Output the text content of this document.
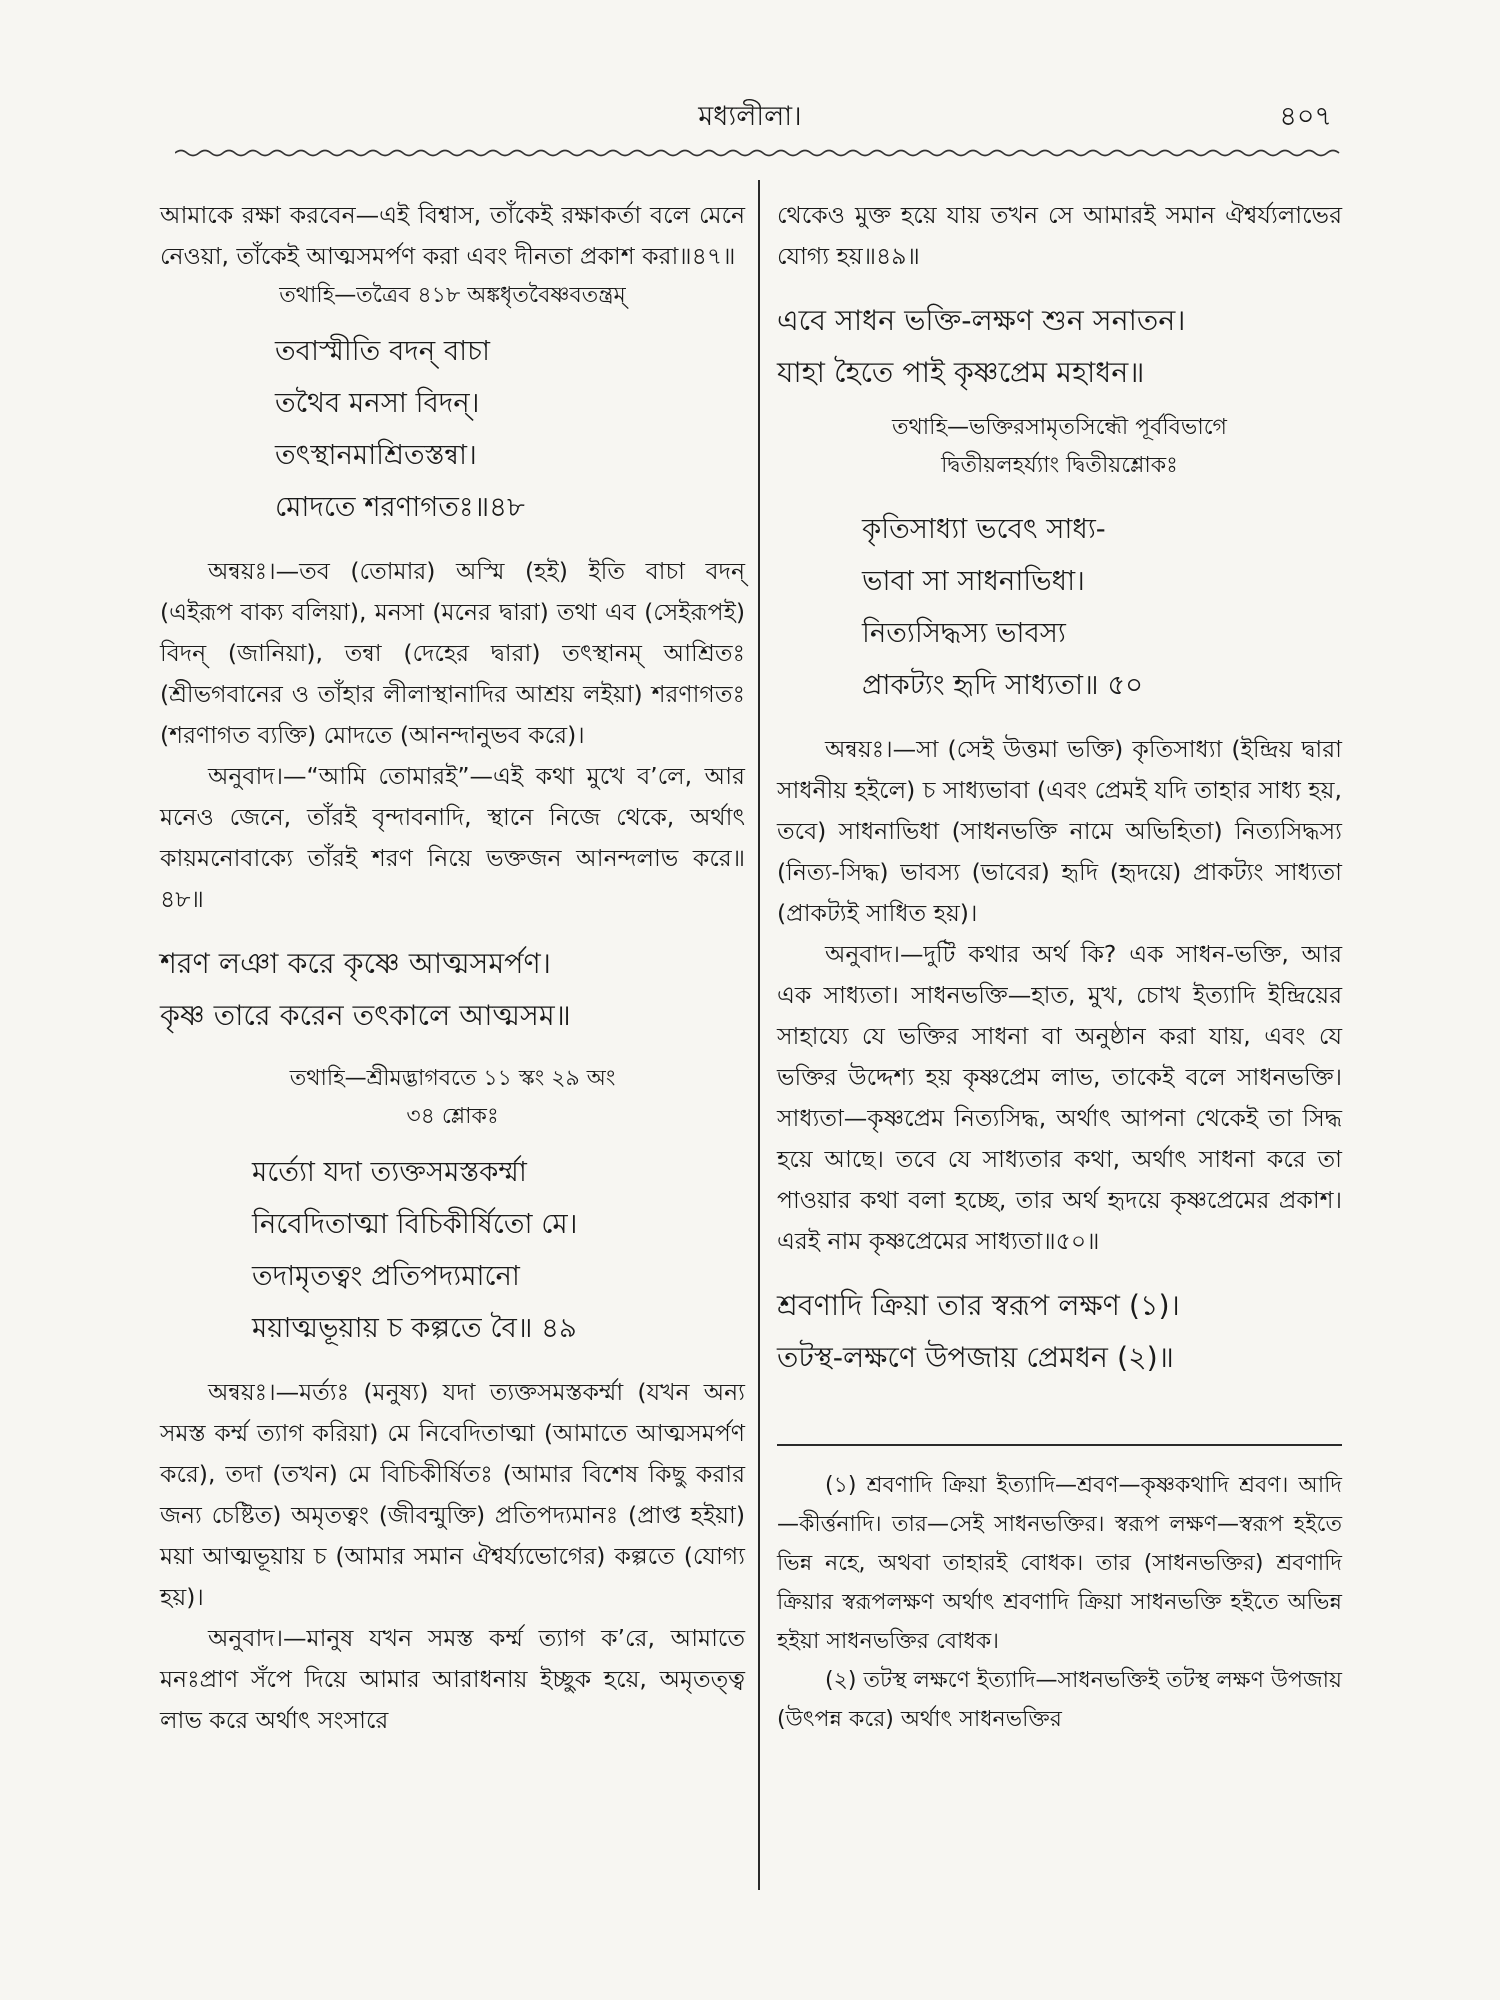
মধ্যলীলা।	৪০৭

আমাকে রক্ষা করবেন—এই বিশ্বাস, তাঁকেই রক্ষাকর্তা বলে মেনে নেওয়া, তাঁকেই আত্মসমর্পণ করা এবং দীনতা প্রকাশ করা॥৪৭॥

তথাহি—তত্রৈব ৪১৮ অঙ্কধৃতবৈষ্ণবতন্ত্রম্

তবাস্মীতি বদন্ বাচা

তথৈব মনসা বিদন্।

তৎস্থানমাশ্রিতস্তন্বা।

মোদতে শরণাগতঃ॥৪৮

অন্বয়ঃ।—তব (তোমার) অস্মি (হই) ইতি বাচা বদন্ (এইরূপ বাক্য বলিয়া), মনসা (মনের দ্বারা) তথা এব (সেইরূপই) বিদন্ (জানিয়া), তন্বা (দেহের দ্বারা) তৎস্থানম্ আশ্রিতঃ (শ্রীভগবানের ও তাঁহার লীলাস্থানাদির আশ্রয় লইয়া) শরণাগতঃ (শরণাগত ব্যক্তি) মোদতে (আনন্দানুভব করে)।

অনুবাদ।—“আমি তোমারই”—এই কথা মুখে ব’লে, আর মনেও জেনে, তাঁরই বৃন্দাবনাদি, স্থানে নিজে থেকে, অর্থাৎ কায়মনোবাক্যে তাঁরই শরণ নিয়ে ভক্তজন আনন্দলাভ করে॥৪৮॥

শরণ লঞা করে কৃষ্ণে আত্মসমর্পণ।

কৃষ্ণ তারে করেন তৎকালে আত্মসম॥

তথাহি—শ্রীমদ্ভাগবতে ১১ স্কং ২৯ অং

৩৪ শ্লোকঃ

মর্ত্যো যদা ত্যক্তসমস্তকর্ম্মা

নিবেদিতাত্মা বিচিকীর্ষিতো মে।

তদামৃতত্বং প্রতিপদ্যমানো

ময়াত্মভূয়ায় চ কল্পতে বৈ॥ ৪৯

অন্বয়ঃ।—মর্ত্যঃ (মনুষ্য) যদা ত্যক্তসমস্তকর্ম্মা (যখন অন্য সমস্ত কর্ম্ম ত্যাগ করিয়া) মে নিবেদিতাত্মা (আমাতে আত্মসমর্পণ করে), তদা (তখন) মে বিচিকীর্ষিতঃ (আমার বিশেষ কিছু করার জন্য চেষ্টিত) অমৃতত্বং (জীবন্মুক্তি) প্রতিপদ্যমানঃ (প্রাপ্ত হইয়া) ময়া আত্মভূয়ায় চ (আমার সমান ঐশ্বর্য্যভোগের) কল্পতে (যোগ্য হয়)।

অনুবাদ।—মানুষ যখন সমস্ত কর্ম্ম ত্যাগ ক’রে, আমাতে মনঃপ্রাণ সঁপে দিয়ে আমার আরাধনায় ইচ্ছুক হয়ে, অমৃতত্ত্ব লাভ করে অর্থাৎ সংসারে

থেকেও মুক্ত হয়ে যায় তখন সে আমারই সমান ঐশ্বর্য্যলাভের যোগ্য হয়॥৪৯॥

এবে সাধন ভক্তি-লক্ষণ শুন সনাতন।

যাহা হৈতে পাই কৃষ্ণপ্রেম মহাধন॥

তথাহি—ভক্তিরসামৃতসিন্ধৌ পূর্ববিভাগে

দ্বিতীয়লহর্য্যাং দ্বিতীয়শ্লোকঃ

কৃতিসাধ্যা ভবেৎ সাধ্য-

ভাবা সা সাধনাভিধা।

নিত্যসিদ্ধস্য ভাবস্য

প্রাকট্যং হৃদি সাধ্যতা॥ ৫০

অন্বয়ঃ।—সা (সেই উত্তমা ভক্তি) কৃতিসাধ্যা (ইন্দ্রিয় দ্বারা সাধনীয় হইলে) চ সাধ্যভাবা (এবং প্রেমই যদি তাহার সাধ্য হয়, তবে) সাধনাভিধা (সাধনভক্তি নামে অভিহিতা) নিত্যসিদ্ধস্য (নিত্য-সিদ্ধ) ভাবস্য (ভাবের) হৃদি (হৃদয়ে) প্রাকট্যং সাধ্যতা (প্রাকট্যই সাধিত হয়)।

অনুবাদ।—দুটি কথার অর্থ কি? এক সাধন-ভক্তি, আর এক সাধ্যতা। সাধনভক্তি—হাত, মুখ, চোখ ইত্যাদি ইন্দ্রিয়ের সাহায্যে যে ভক্তির সাধনা বা অনুষ্ঠান করা যায়, এবং যে ভক্তির উদ্দেশ্য হয় কৃষ্ণপ্রেম লাভ, তাকেই বলে সাধনভক্তি। সাধ্যতা—কৃষ্ণপ্রেম নিত্যসিদ্ধ, অর্থাৎ আপনা থেকেই তা সিদ্ধ হয়ে আছে। তবে যে সাধ্যতার কথা, অর্থাৎ সাধনা করে তা পাওয়ার কথা বলা হচ্ছে, তার অর্থ হৃদয়ে কৃষ্ণপ্রেমের প্রকাশ। এরই নাম কৃষ্ণপ্রেমের সাধ্যতা॥৫০॥

শ্রবণাদি ক্রিয়া তার স্বরূপ লক্ষণ (১)।

তটস্থ-লক্ষণে উপজায় প্রেমধন (২)॥

(১) শ্রবণাদি ক্রিয়া ইত্যাদি—শ্রবণ—কৃষ্ণকথাদি শ্রবণ। আদি—কীর্ত্তনাদি। তার—সেই সাধনভক্তির। স্বরূপ লক্ষণ—স্বরূপ হইতে ভিন্ন নহে, অথবা তাহারই বোধক। তার (সাধনভক্তির) শ্রবণাদি ক্রিয়ার স্বরূপলক্ষণ অর্থাৎ শ্রবণাদি ক্রিয়া সাধনভক্তি হইতে অভিন্ন হইয়া সাধনভক্তির বোধক।

(২) তটস্থ লক্ষণে ইত্যাদি—সাধনভক্তিই তটস্থ লক্ষণ উপজায় (উৎপন্ন করে) অর্থাৎ সাধনভক্তির
